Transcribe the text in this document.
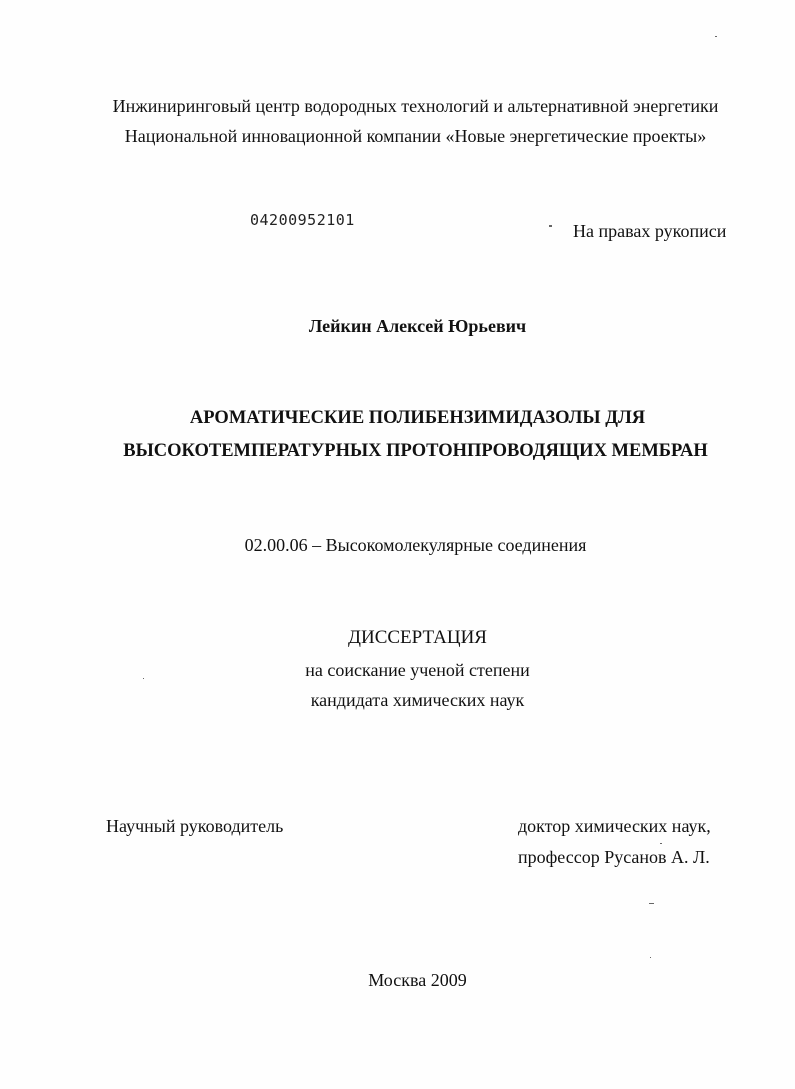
Инжиниринговый центр водородных технологий и альтернативной энергетики
Национальной инновационной компании «Новые энергетические проекты»
04200952101
На правах рукописи
Лейкин Алексей Юрьевич
АРОМАТИЧЕСКИЕ ПОЛИБЕНЗИМИДАЗОЛЫ ДЛЯ
ВЫСОКОТЕМПЕРАТУРНЫХ ПРОТОНПРОВОДЯЩИХ МЕМБРАН
02.00.06 – Высокомолекулярные соединения
ДИССЕРТАЦИЯ
на соискание ученой степени
кандидата химических наук
Научный руководитель	доктор химических наук,
профессор Русанов А. Л.
Москва 2009
